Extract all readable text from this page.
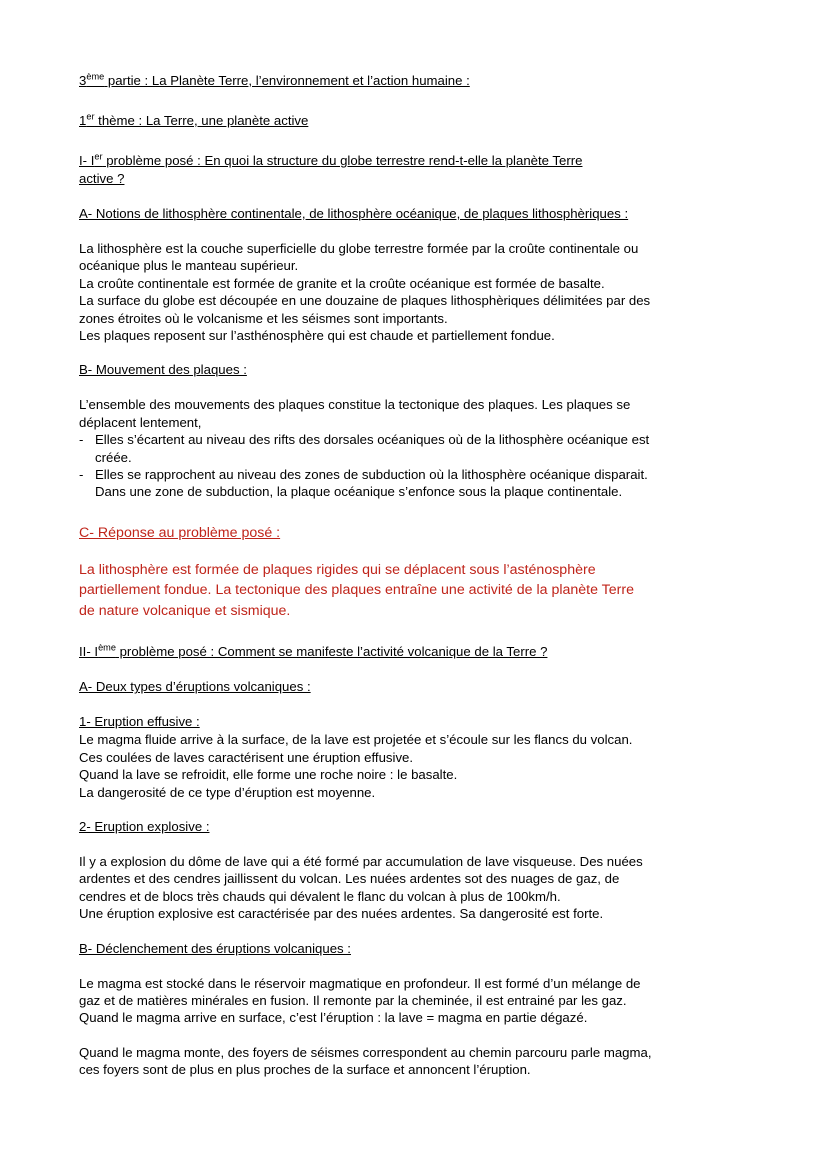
3ème partie : La Planète Terre, l’environnement et l’action humaine :
1er thème : La Terre, une planète active
I- Ier problème posé : En quoi la structure du globe terrestre rend-t-elle la planète Terre
active ?
A- Notions de lithosphère continentale, de lithosphère océanique, de plaques lithosphèriques :
La lithosphère est la couche superficielle du globe terrestre formée par la croûte continentale ou
océanique plus le manteau supérieur.
La croûte continentale est formée de granite et la croûte océanique est formée de basalte.
La surface du globe est découpée en une douzaine de plaques lithosphèriques délimitées par des
zones étroites où le volcanisme et les séismes sont importants.
Les plaques reposent sur l’asthénosphère qui est chaude et partiellement fondue.
B- Mouvement des plaques :
L’ensemble des mouvements des plaques constitue la tectonique des plaques. Les plaques se
déplacent lentement,
- Elles s’écartent au niveau des rifts des dorsales océaniques où de la lithosphère océanique est
créée.
- Elles se rapprochent au niveau des zones de subduction où la lithosphère océanique disparait.
Dans une zone de subduction, la plaque océanique s’enfonce sous la plaque continentale.
C- Réponse au problème posé :
La lithosphère est formée de plaques rigides qui se déplacent sous l’asténosphère
partiellement fondue. La tectonique des plaques entraîne une activité de la planète Terre
de nature volcanique et sismique.
II- Ième problème posé : Comment se manifeste l’activité volcanique de la Terre ?
A- Deux types d’éruptions volcaniques :
1- Eruption effusive :
Le magma fluide arrive à la surface, de la lave est projetée et s’écoule sur les flancs du volcan.
Ces coulées de laves caractérisent une éruption effusive.
Quand la lave se refroidit, elle forme une roche noire : le basalte.
La dangerosité de ce type d’éruption est moyenne.
2- Eruption explosive :
Il y a explosion du dôme de lave qui a été formé par accumulation de lave visqueuse. Des nuées
ardentes et des cendres jaillissent du volcan. Les nuées ardentes sot des nuages de gaz, de
cendres et de blocs très chauds qui dévalent le flanc du volcan à plus de 100km/h.
Une éruption explosive est caractérisée par des nuées ardentes. Sa dangerosité est forte.
B- Déclenchement des éruptions volcaniques :
Le magma est stocké dans le réservoir magmatique en profondeur. Il est formé d’un mélange de
gaz et de matières minérales en fusion. Il remonte par la cheminée, il est entrainé par les gaz.
Quand le magma arrive en surface, c’est l’éruption : la lave = magma en partie dégazé.
Quand le magma monte, des foyers de séismes correspondent au chemin parcouru parle magma,
ces foyers sont de plus en plus proches de la surface et annoncent l’éruption.
